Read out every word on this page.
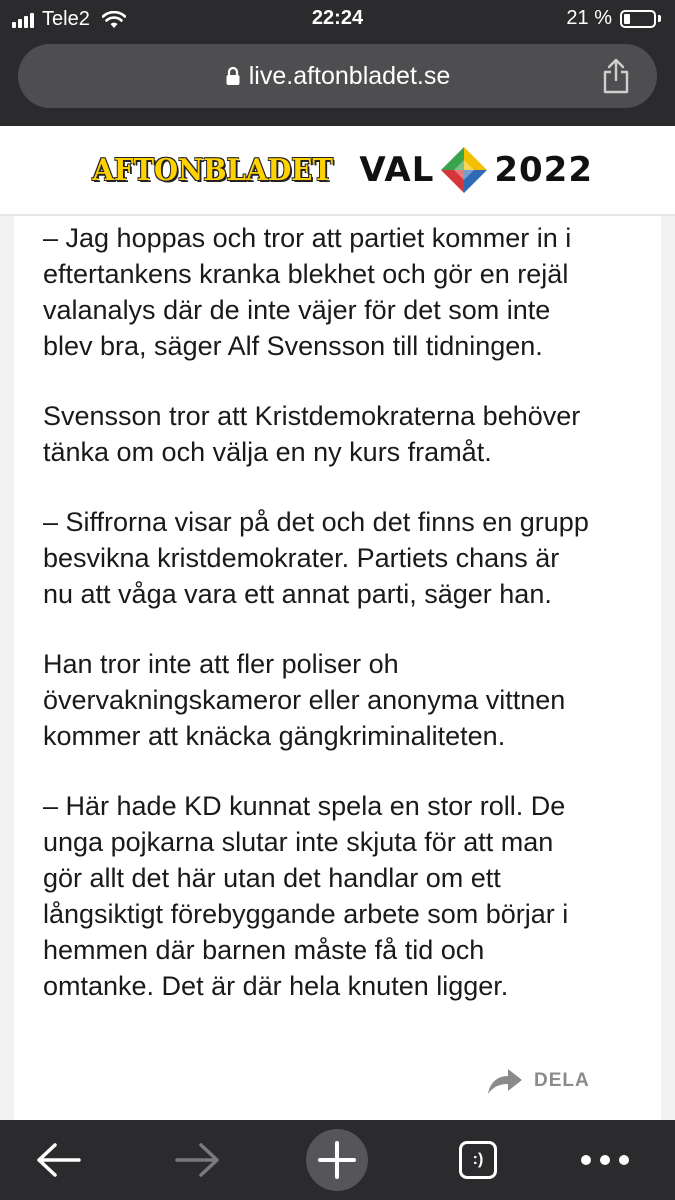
Tele2	22:24	21 %
live.aftonbladet.se
AFTONBLADET VAL 2022

– Jag hoppas och tror att partiet kommer in i
eftertankens kranka blekhet och gör en rejäl
valanalys där de inte väjer för det som inte
blev bra, säger Alf Svensson till tidningen.

Svensson tror att Kristdemokraterna behöver
tänka om och välja en ny kurs framåt.

– Siffrorna visar på det och det finns en grupp
besvikna kristdemokrater. Partiets chans är
nu att våga vara ett annat parti, säger han.

Han tror inte att fler poliser oh
övervakningskameror eller anonyma vittnen
kommer att knäcka gängkriminaliteten.

– Här hade KD kunnat spela en stor roll. De
unga pojkarna slutar inte skjuta för att man
gör allt det här utan det handlar om ett
långsiktigt förebyggande arbete som börjar i
hemmen där barnen måste få tid och
omtanke. Det är där hela knuten ligger.

DELA
:)
